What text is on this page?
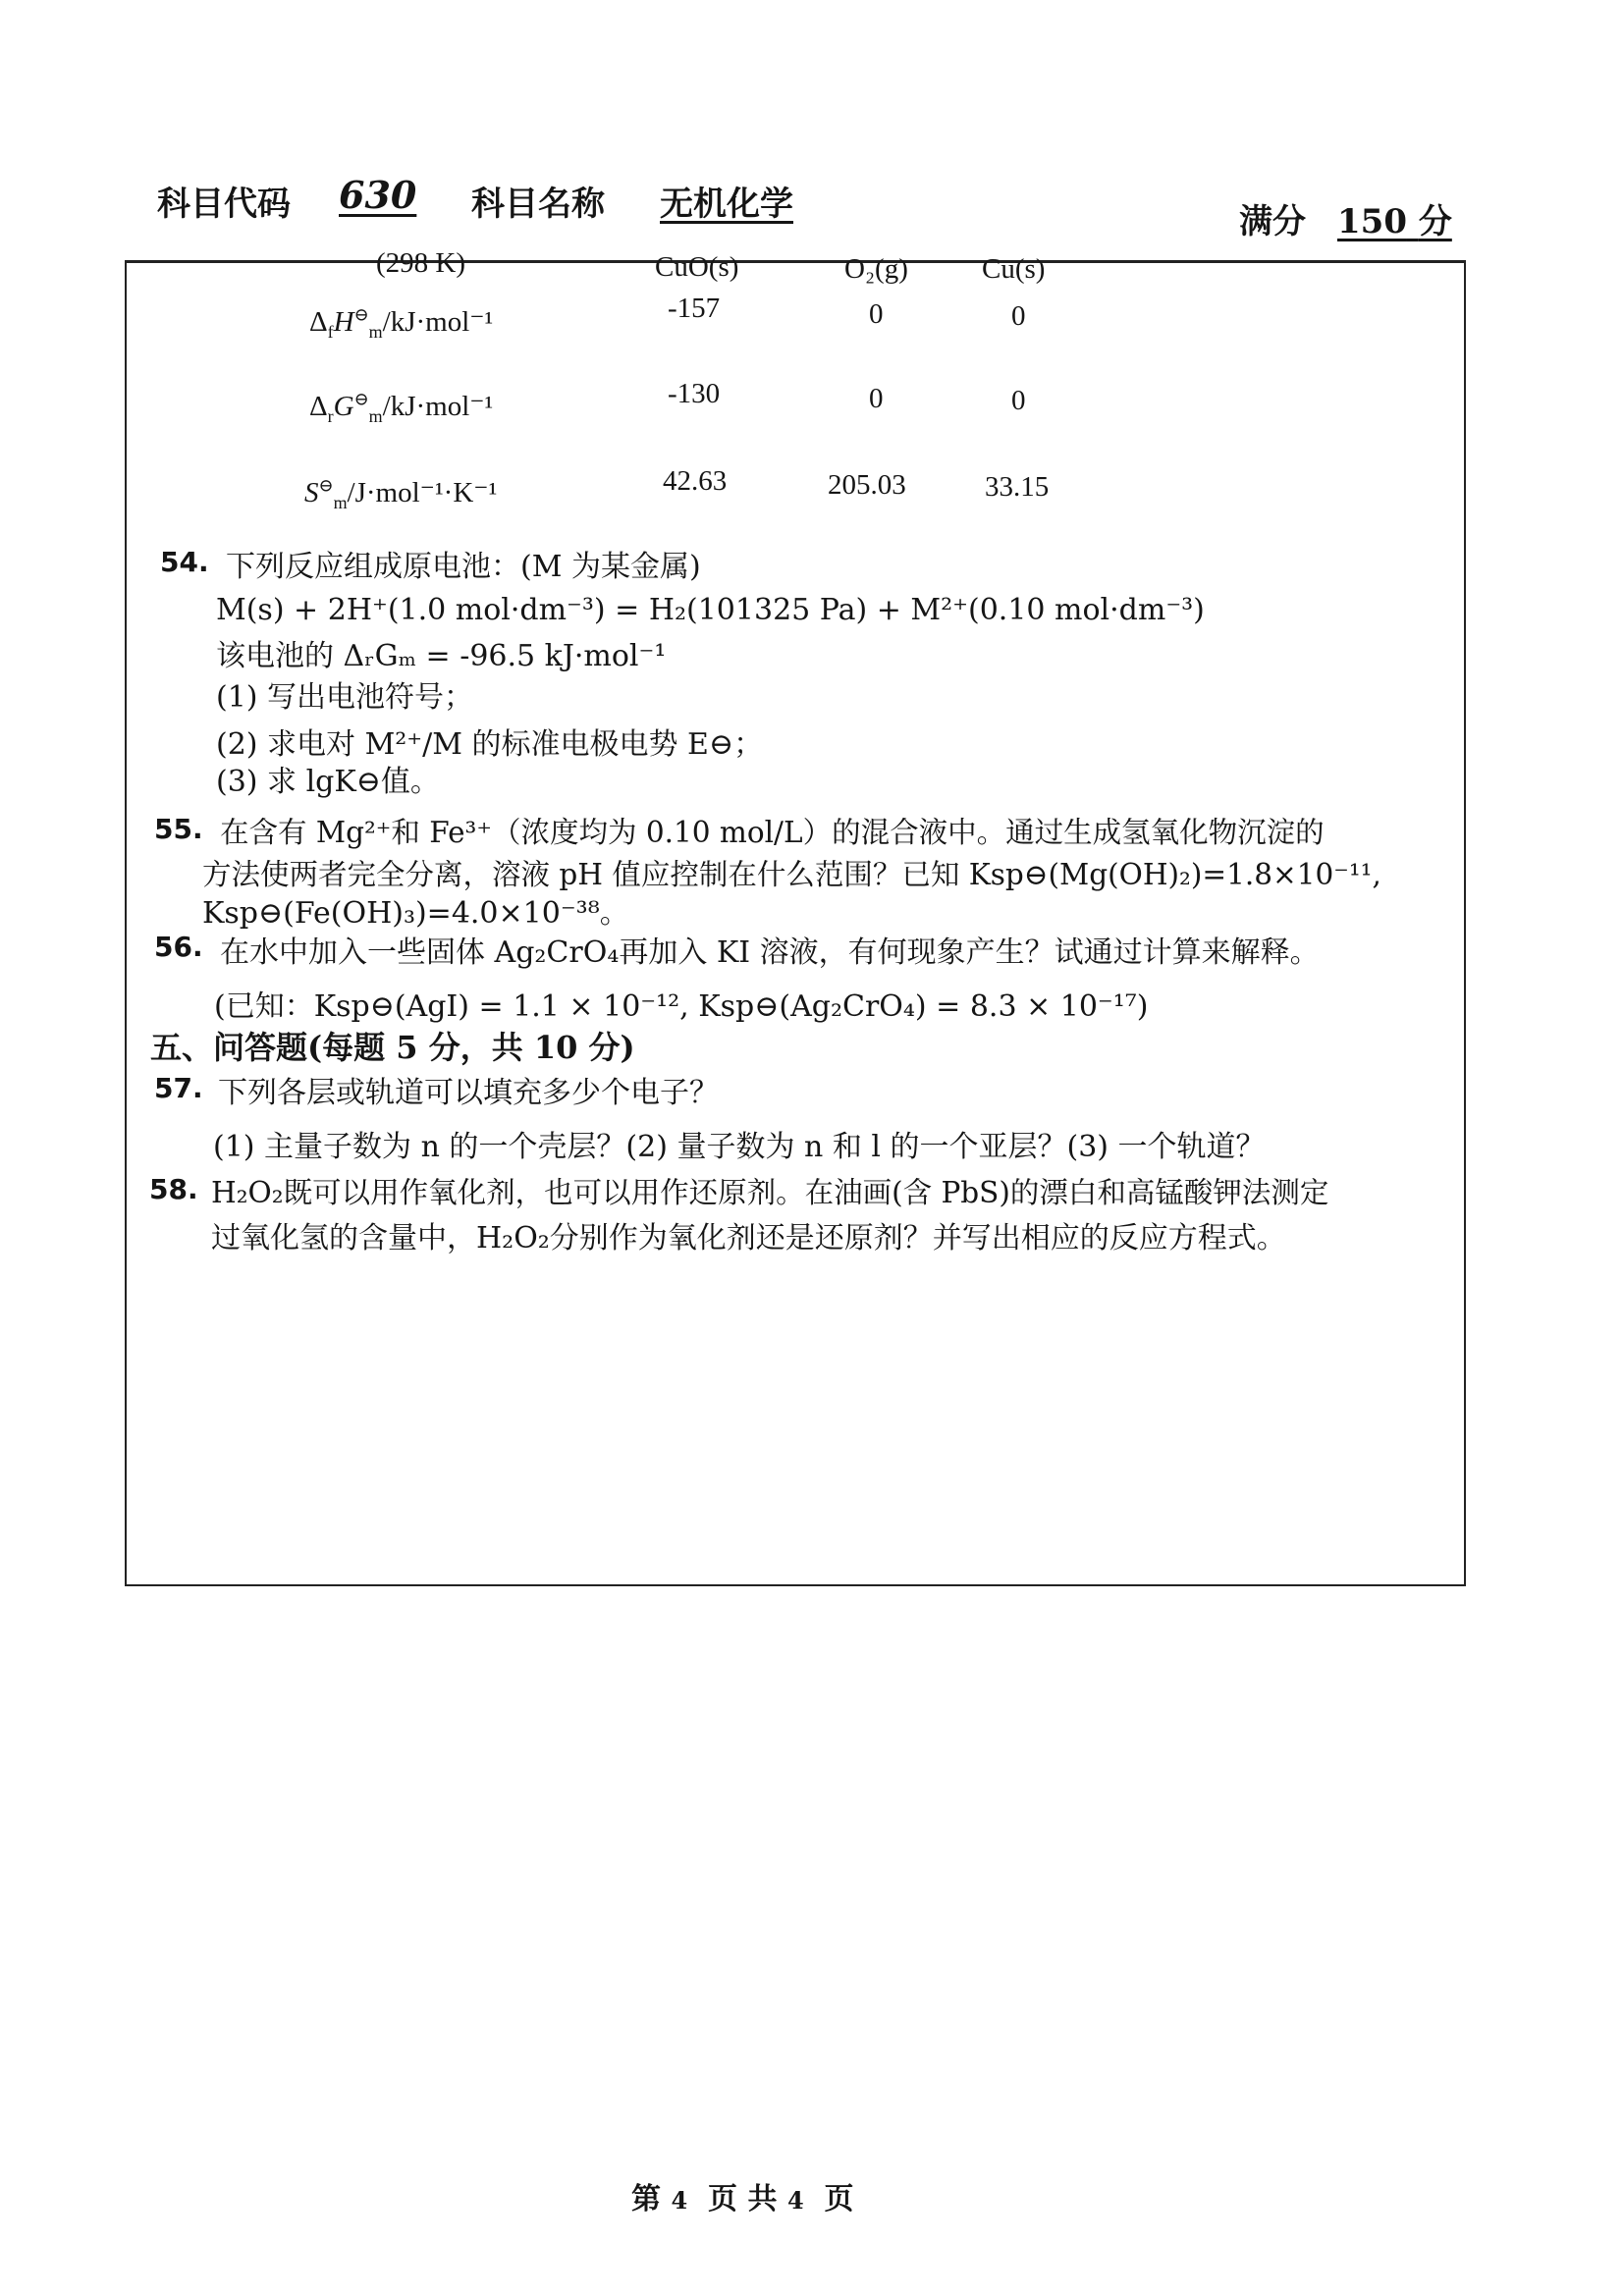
科目代码 630 科目名称 无机化学	满分 150 分
(298 K)	CuO(s)	O₂(g)	Cu(s)
$\Delta_fH^⊖_m/kJ\cdot mol^{-1}$	-157	0	0
$\Delta_rG^⊖_m/kJ\cdot mol^{-1}$	-130	0	0
$S^⊖_m/J\cdot mol^{-1}\cdot K^{-1}$	42.63	205.03	33.15
54. 下列反应组成原电池：(M 为某金属)
M(s) + 2H⁺(1.0 mol·dm⁻³) = H₂(101325 Pa) + M²⁺(0.10 mol·dm⁻³)
该电池的 ΔᵣGₘ = -96.5 kJ·mol⁻¹
(1) 写出电池符号；
(2) 求电对 M²⁺/M 的标准电极电势 E⊖；
(3) 求 lgK⊖值。
55. 在含有 Mg²⁺和 Fe³⁺（浓度均为 0.10 mol/L）的混合液中。通过生成氢氧化物沉淀的
方法使两者完全分离，溶液 pH 值应控制在什么范围？已知 Ksp⊖(Mg(OH)₂)=1.8×10⁻¹¹,
Ksp⊖(Fe(OH)₃)=4.0×10⁻³⁸。
56. 在水中加入一些固体 Ag₂CrO₄再加入 KI 溶液，有何现象产生？试通过计算来解释。
(已知：Ksp⊖(AgI) = 1.1 × 10⁻¹², Ksp⊖(Ag₂CrO₄) = 8.3 × 10⁻¹⁷)
五、问答题(每题 5 分，共 10 分)
57. 下列各层或轨道可以填充多少个电子？
(1) 主量子数为 n 的一个壳层？(2) 量子数为 n 和 l 的一个亚层？(3) 一个轨道？
58. H₂O₂既可以用作氧化剂，也可以用作还原剂。在油画(含 PbS)的漂白和高锰酸钾法测定
过氧化氢的含量中，H₂O₂分别作为氧化剂还是还原剂？并写出相应的反应方程式。
第 4 页 共 4 页
